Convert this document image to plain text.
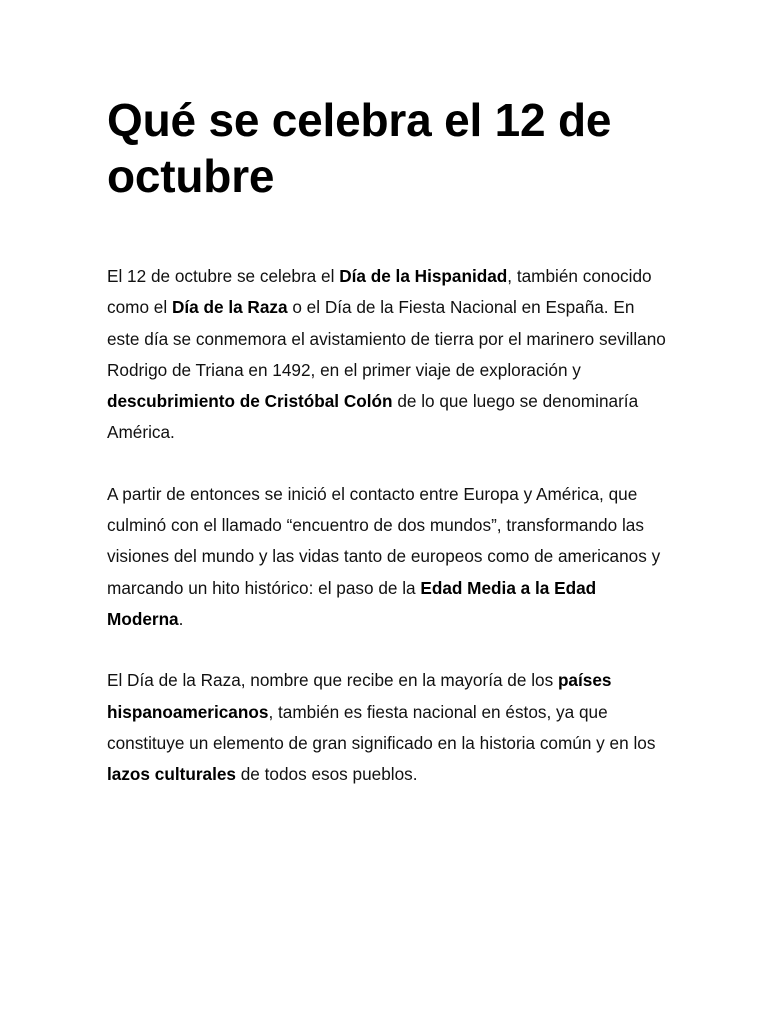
Qué se celebra el 12 de octubre

El 12 de octubre se celebra el Día de la Hispanidad, también conocido como el Día de la Raza o el Día de la Fiesta Nacional en España. En este día se conmemora el avistamiento de tierra por el marinero sevillano Rodrigo de Triana en 1492, en el primer viaje de exploración y descubrimiento de Cristóbal Colón de lo que luego se denominaría América.

A partir de entonces se inició el contacto entre Europa y América, que culminó con el llamado “encuentro de dos mundos”, transformando las visiones del mundo y las vidas tanto de europeos como de americanos y marcando un hito histórico: el paso de la Edad Media a la Edad Moderna.

El Día de la Raza, nombre que recibe en la mayoría de los países hispanoamericanos, también es fiesta nacional en éstos, ya que constituye un elemento de gran significado en la historia común y en los lazos culturales de todos esos pueblos.
